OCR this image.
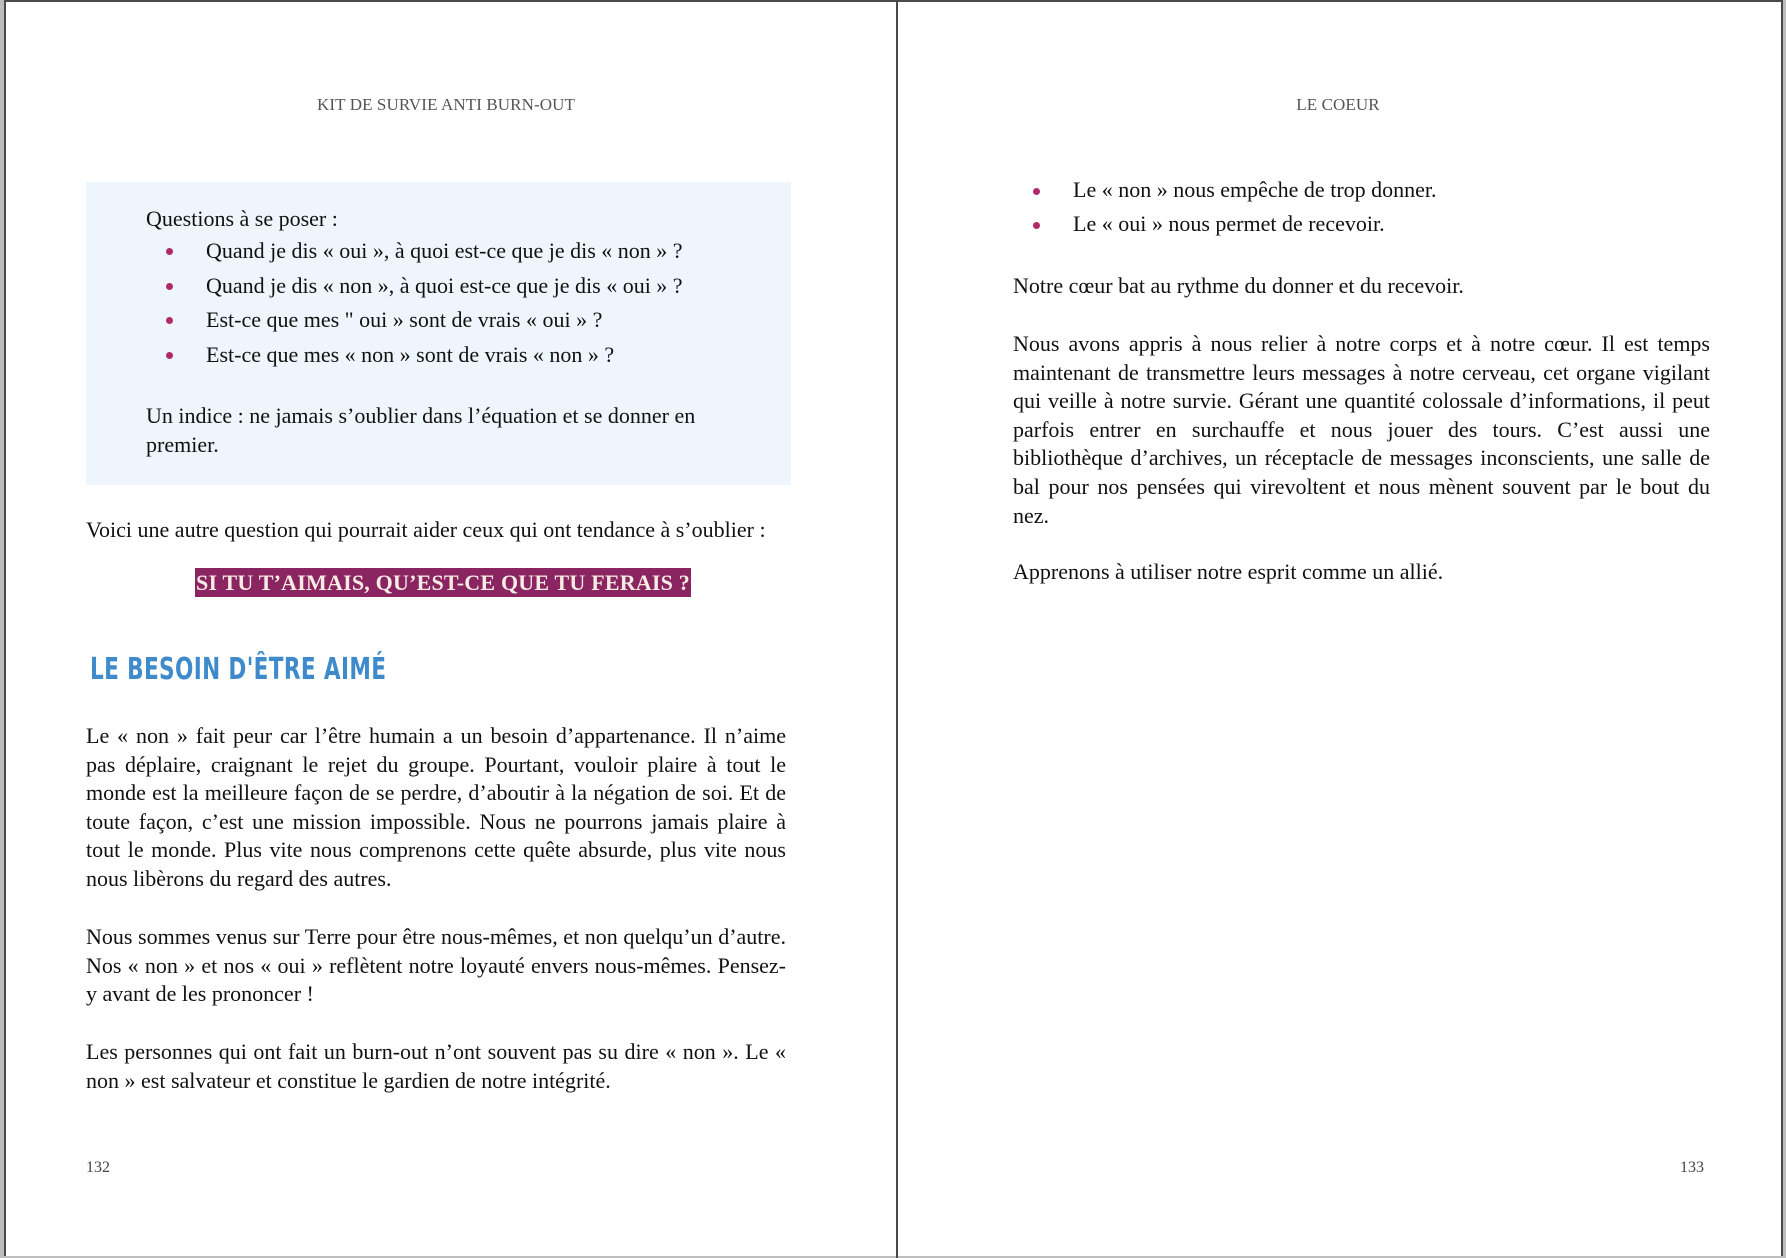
KIT DE SURVIE ANTI BURN-OUT
Questions à se poser :
Quand je dis « oui », à quoi est-ce que je dis « non » ?
Quand je dis « non », à quoi est-ce que je dis « oui » ?
Est-ce que mes " oui » sont de vrais « oui » ?
Est-ce que mes « non » sont de vrais « non » ?
Un indice : ne jamais s’oublier dans l’équation et se donner en premier.
Voici une autre question qui pourrait aider ceux qui ont tendance à s’oublier :
SI TU T’AIMAIS, QU’EST-CE QUE TU FERAIS ?
LE BESOIN D'ÊTRE AIMÉ
Le « non » fait peur car l’être humain a un besoin d’appartenance. Il n’aime pas déplaire, craignant le rejet du groupe. Pourtant, vouloir plaire à tout le monde est la meilleure façon de se perdre, d’aboutir à la négation de soi. Et de toute façon, c’est une mission impossible. Nous ne pourrons jamais plaire à tout le monde. Plus vite nous comprenons cette quête absurde, plus vite nous nous libèrons du regard des autres.
Nous sommes venus sur Terre pour être nous-mêmes, et non quelqu’un d’autre. Nos « non » et nos « oui » reflètent notre loyauté envers nous-mêmes. Pensez-y avant de les prononcer !
Les personnes qui ont fait un burn-out n’ont souvent pas su dire « non ». Le « non » est salvateur et constitue le gardien de notre intégrité.
132
LE COEUR
Le « non » nous empêche de trop donner.
Le « oui » nous permet de recevoir.
Notre cœur bat au rythme du donner et du recevoir.
Nous avons appris à nous relier à notre corps et à notre cœur. Il est temps maintenant de transmettre leurs messages à notre cerveau, cet organe vigilant qui veille à notre survie. Gérant une quantité colossale d’informations, il peut parfois entrer en surchauffe et nous jouer des tours. C’est aussi une bibliothèque d’archives, un réceptacle de messages inconscients, une salle de bal pour nos pensées qui virevoltent et nous mènent souvent par le bout du nez.
Apprenons à utiliser notre esprit comme un allié.
133
